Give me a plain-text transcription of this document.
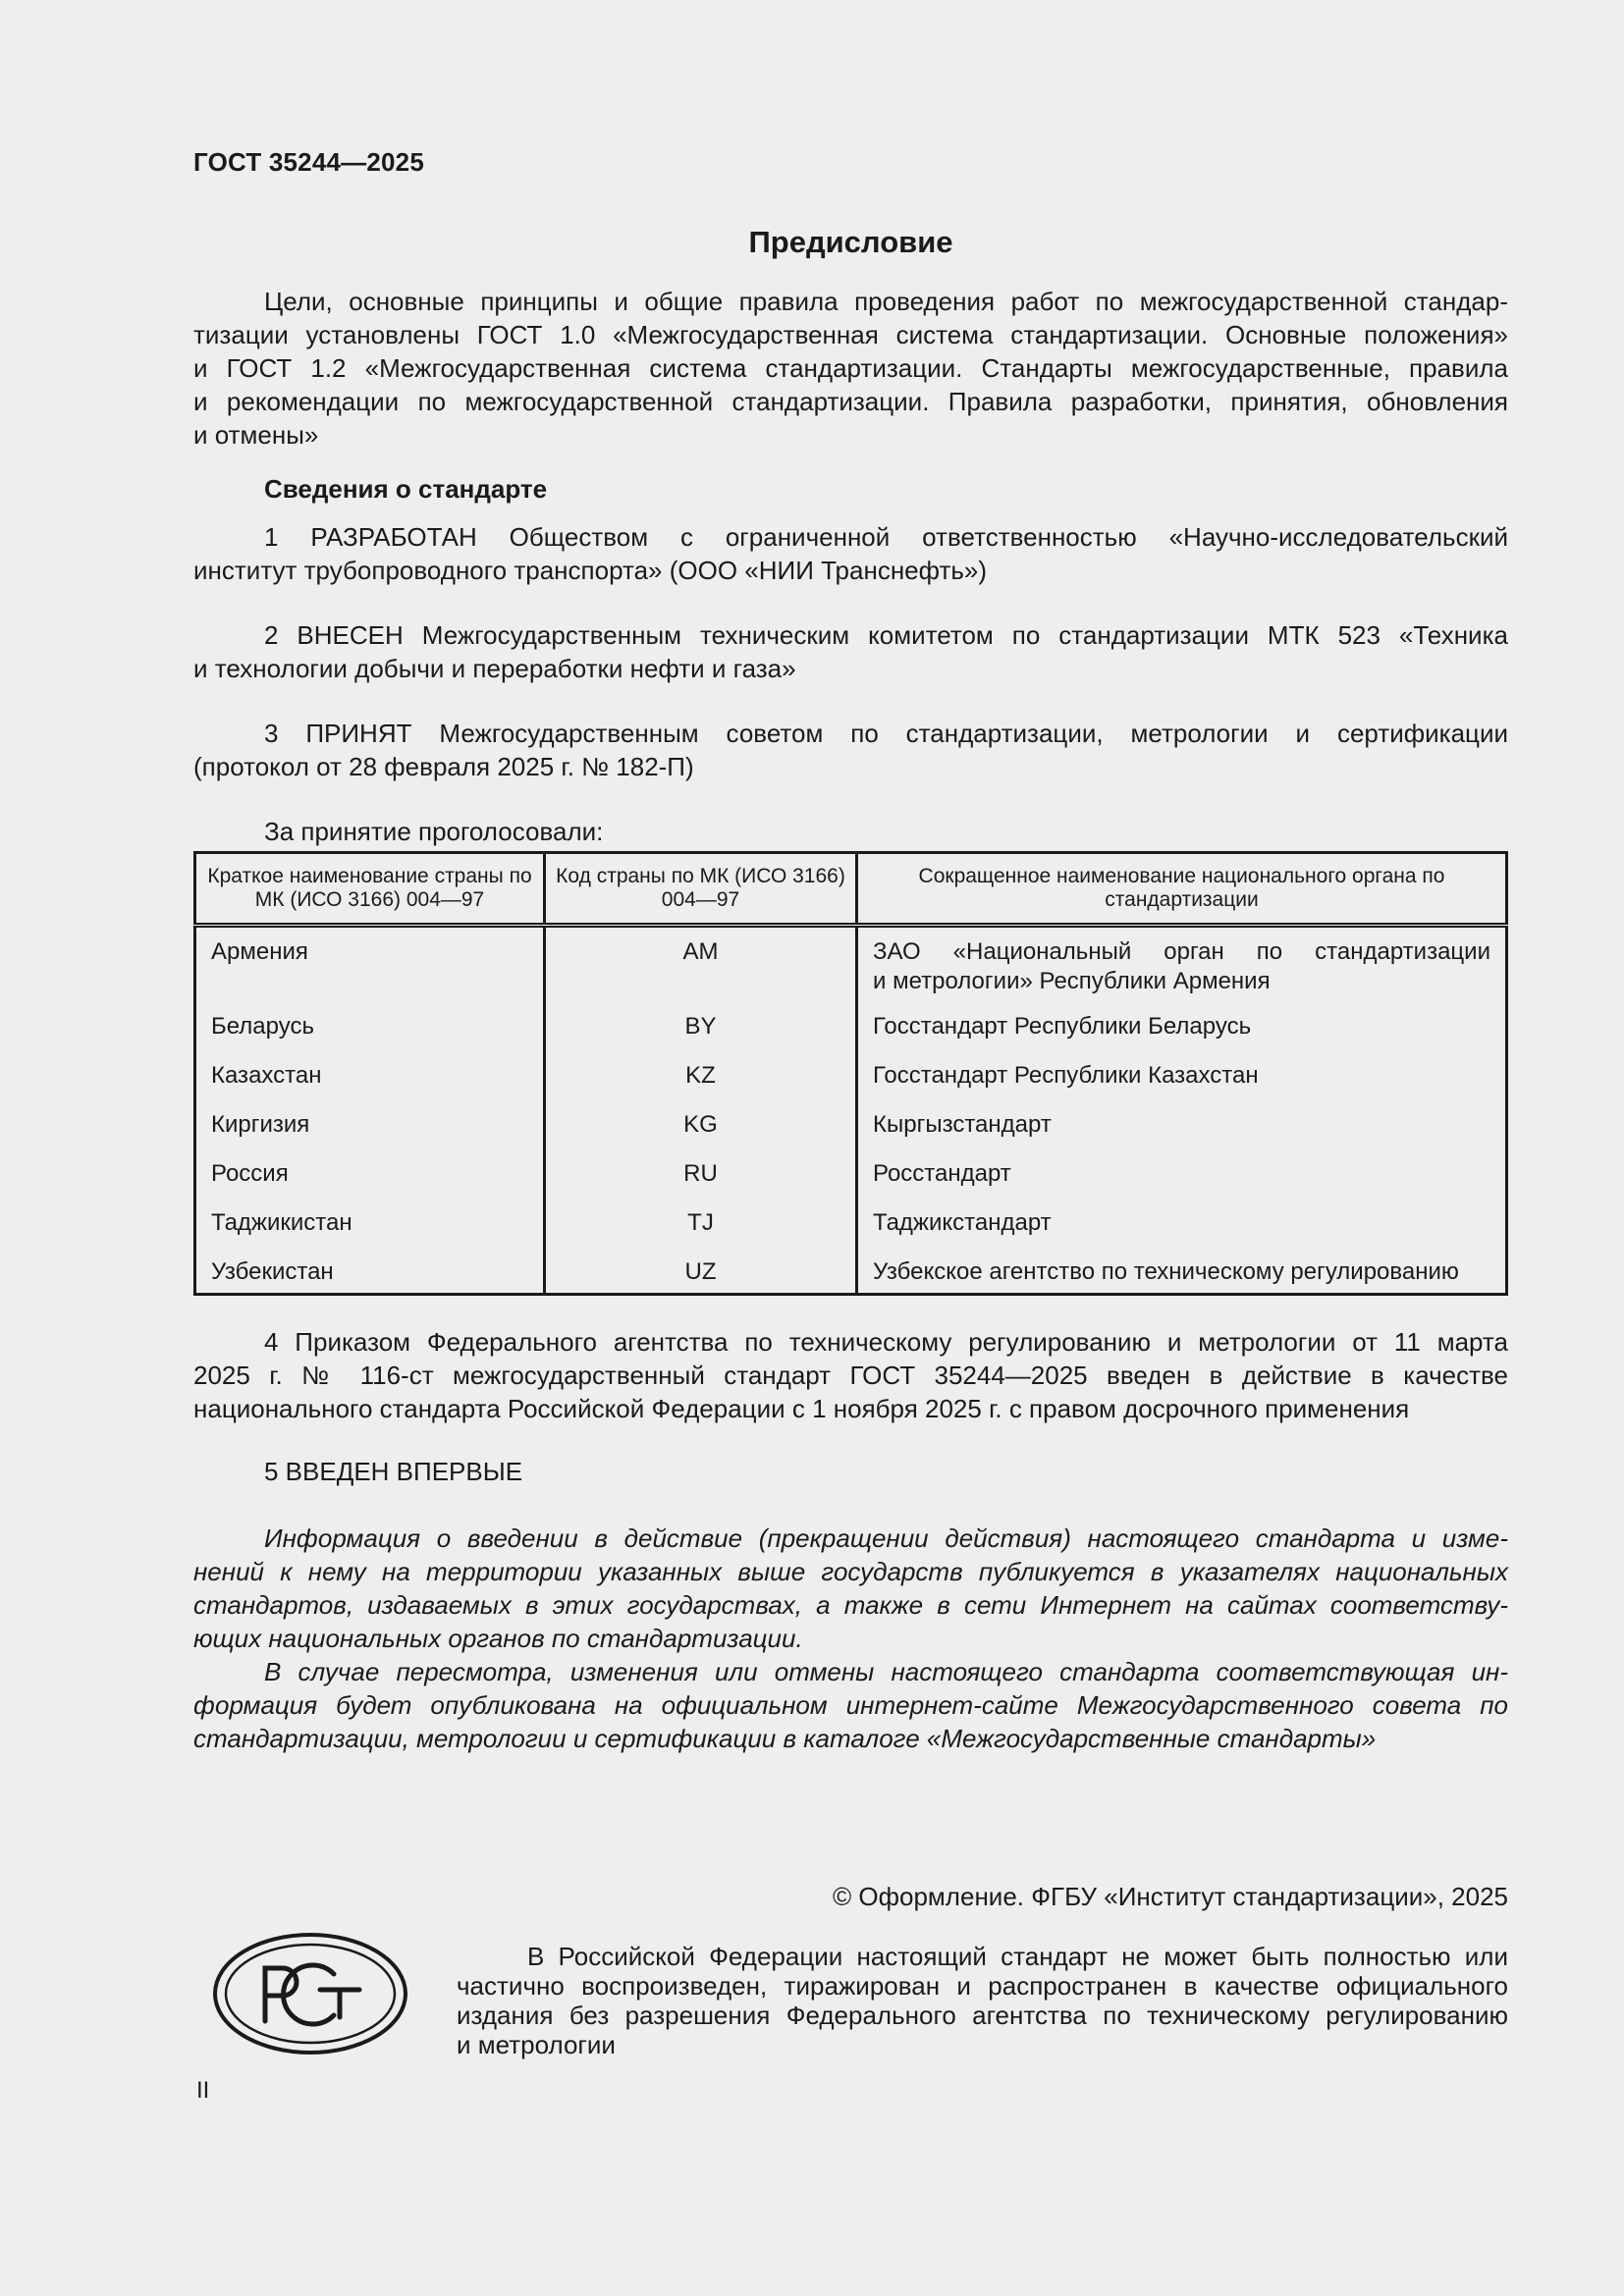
ГОСТ 35244—2025
Предисловие
Цели, основные принципы и общие правила проведения работ по межгосударственной стандар-
тизации установлены ГОСТ 1.0 «Межгосударственная система стандартизации. Основные положения»
и ГОСТ 1.2 «Межгосударственная система стандартизации. Стандарты межгосударственные, правила
и рекомендации по межгосударственной стандартизации. Правила разработки, принятия, обновления
и отмены»
Сведения о стандарте
1 РАЗРАБОТАН Обществом с ограниченной ответственностью «Научно-исследовательский
институт трубопроводного транспорта» (ООО «НИИ Транснефть»)
2 ВНЕСЕН Межгосударственным техническим комитетом по стандартизации МТК 523 «Техника
и технологии добычи и переработки нефти и газа»
3 ПРИНЯТ Межгосударственным советом по стандартизации, метрологии и сертификации
(протокол от 28 февраля 2025 г. № 182-П)
За принятие проголосовали:
Краткое наименование страны по МК (ИСО 3166) 004—97	Код страны по МК (ИСО 3166) 004—97	Сокращенное наименование национального органа по стандартизации
Армения	AM	ЗАО «Национальный орган по стандартизации
и метрологии» Республики Армения

Беларусь	BY	Госстандарт Республики Беларусь
Казахстан	KZ	Госстандарт Республики Казахстан
Киргизия	KG	Кыргызстандарт
Россия	RU	Росстандарт
Таджикистан	TJ	Таджикстандарт
Узбекистан	UZ	Узбекское агентство по техническому регулированию
4 Приказом Федерального агентства по техническому регулированию и метрологии от 11 марта
2025 г. № 116-ст межгосударственный стандарт ГОСТ 35244—2025 введен в действие в качестве
национального стандарта Российской Федерации с 1 ноября 2025 г. с правом досрочного применения
5 ВВЕДЕН ВПЕРВЫЕ
Информация о введении в действие (прекращении действия) настоящего стандарта и изме-
нений к нему на территории указанных выше государств публикуется в указателях национальных
стандартов, издаваемых в этих государствах, а также в сети Интернет на сайтах соответству-
ющих национальных органов по стандартизации.
В случае пересмотра, изменения или отмены настоящего стандарта соответствующая ин-
формация будет опубликована на официальном интернет-сайте Межгосударственного совета по
стандартизации, метрологии и сертификации в каталоге «Межгосударственные стандарты»
© Оформление. ФГБУ «Институт стандартизации», 2025
В Российской Федерации настоящий стандарт не может быть полностью или
частично воспроизведен, тиражирован и распространен в качестве официального
издания без разрешения Федерального агентства по техническому регулированию
и метрологии
РСТ
II
